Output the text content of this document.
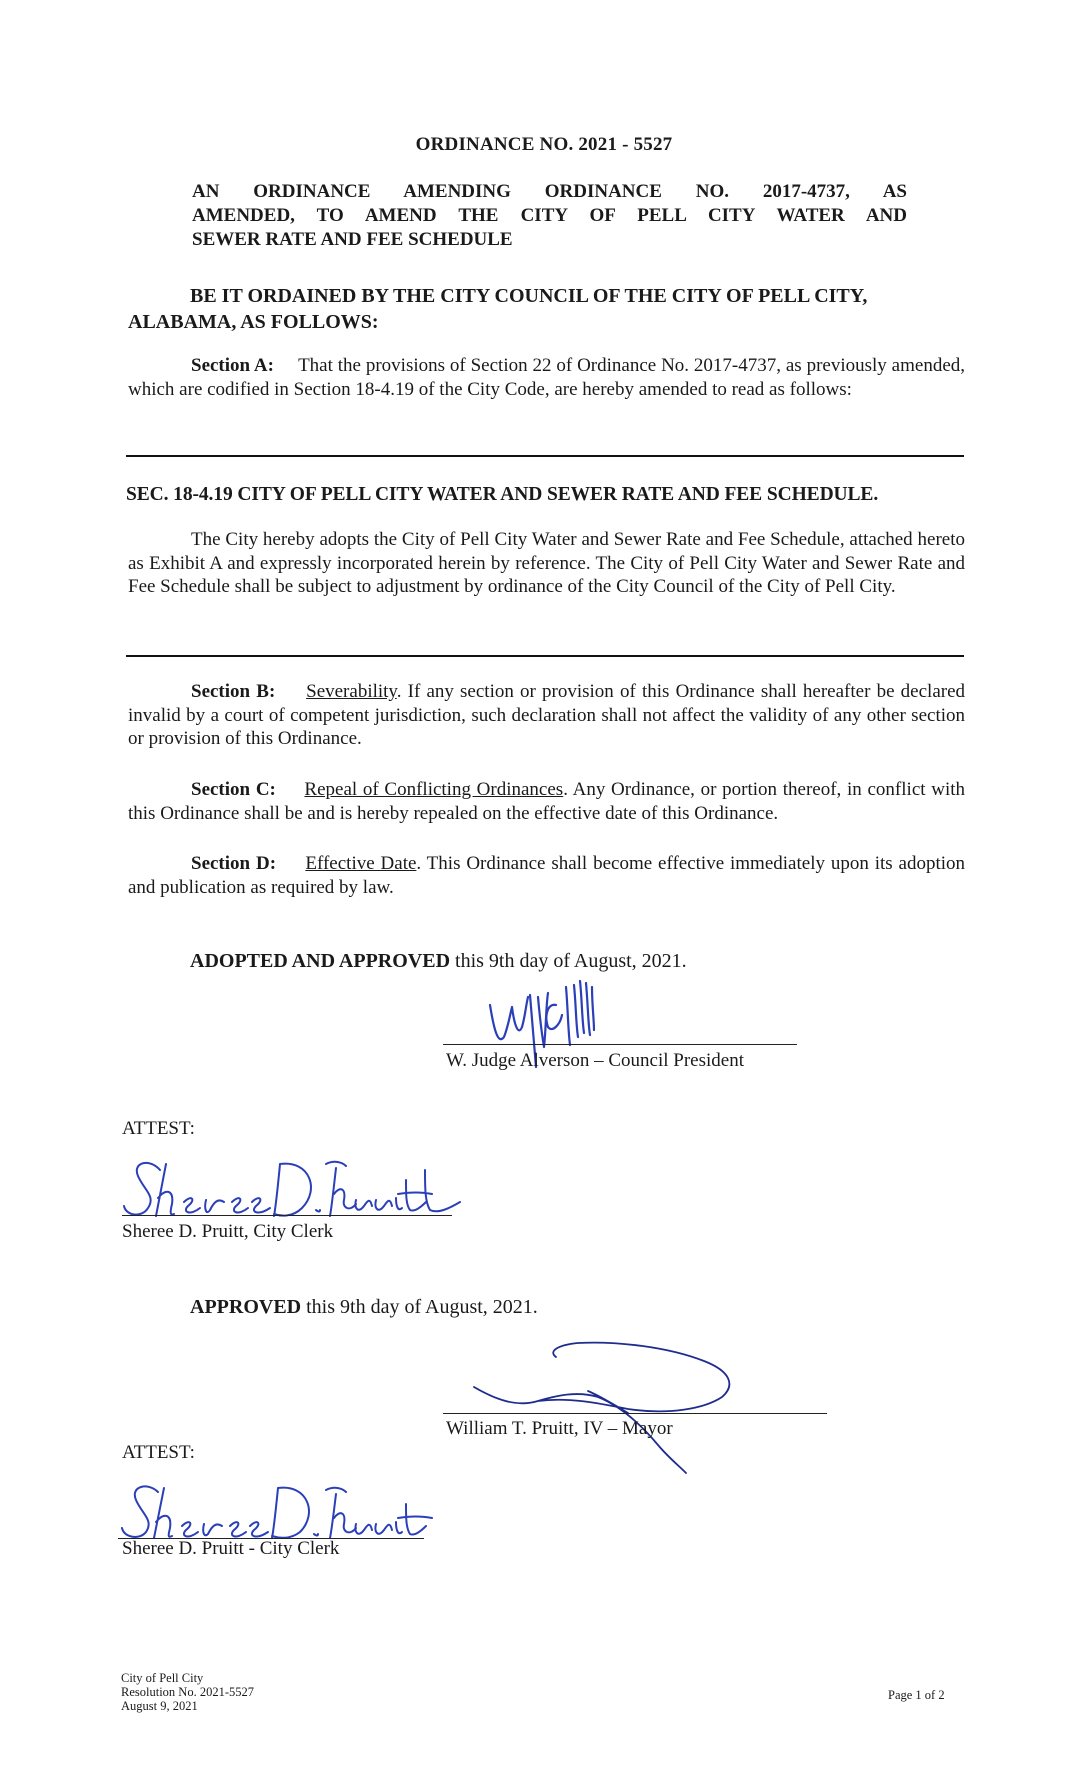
ORDINANCE NO. 2021 - 5527
AN ORDINANCE AMENDING ORDINANCE NO. 2017-4737, AS
AMENDED, TO AMEND THE CITY OF PELL CITY WATER AND
SEWER RATE AND FEE SCHEDULE
BE IT ORDAINED BY THE CITY COUNCIL OF THE CITY OF PELL CITY, ALABAMA, AS FOLLOWS:
Section A: That the provisions of Section 22 of Ordinance No. 2017-4737, as previously amended, which are codified in Section 18-4.19 of the City Code, are hereby amended to read as follows:
SEC. 18-4.19 CITY OF PELL CITY WATER AND SEWER RATE AND FEE SCHEDULE.
The City hereby adopts the City of Pell City Water and Sewer Rate and Fee Schedule, attached hereto as Exhibit A and expressly incorporated herein by reference. The City of Pell City Water and Sewer Rate and Fee Schedule shall be subject to adjustment by ordinance of the City Council of the City of Pell City.
Section B: Severability. If any section or provision of this Ordinance shall hereafter be declared invalid by a court of competent jurisdiction, such declaration shall not affect the validity of any other section or provision of this Ordinance.
Section C: Repeal of Conflicting Ordinances. Any Ordinance, or portion thereof, in conflict with this Ordinance shall be and is hereby repealed on the effective date of this Ordinance.
Section D: Effective Date. This Ordinance shall become effective immediately upon its adoption and publication as required by law.
ADOPTED AND APPROVED this 9th day of August, 2021.
W. Judge Alverson – Council President
ATTEST:
Sheree D. Pruitt, City Clerk
APPROVED this 9th day of August, 2021.
William T. Pruitt, IV – Mayor
ATTEST:
Sheree D. Pruitt - City Clerk
City of Pell City
Resolution No. 2021-5527
August 9, 2021
Page 1 of 2
